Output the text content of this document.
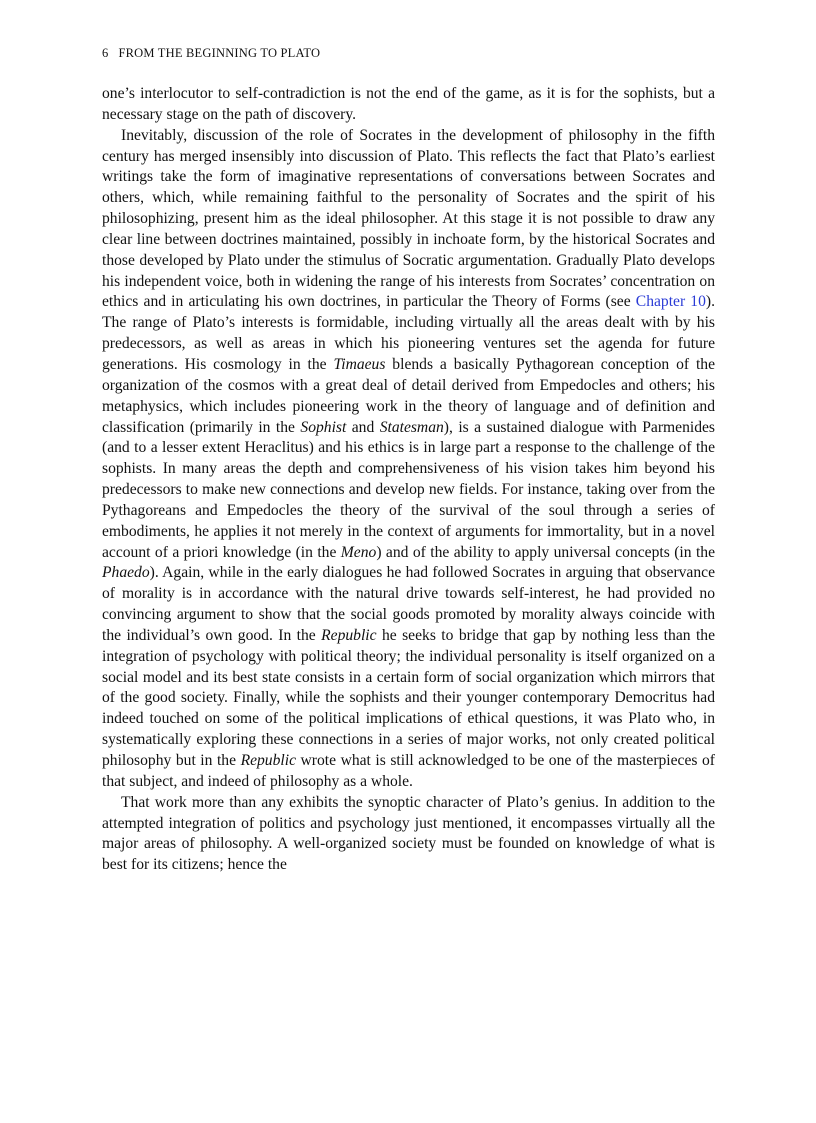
6 FROM THE BEGINNING TO PLATO

one’s interlocutor to self-contradiction is not the end of the game, as it is for the sophists, but a necessary stage on the path of discovery.

Inevitably, discussion of the role of Socrates in the development of philosophy in the fifth century has merged insensibly into discussion of Plato. This reflects the fact that Plato’s earliest writings take the form of imaginative representations of conversations between Socrates and others, which, while remaining faithful to the personality of Socrates and the spirit of his philosophizing, present him as the ideal philosopher. At this stage it is not possible to draw any clear line between doctrines maintained, possibly in inchoate form, by the historical Socrates and those developed by Plato under the stimulus of Socratic argumentation. Gradually Plato develops his independent voice, both in widening the range of his interests from Socrates’ concentration on ethics and in articulating his own doctrines, in particular the Theory of Forms (see Chapter 10). The range of Plato’s interests is formidable, including virtually all the areas dealt with by his predecessors, as well as areas in which his pioneering ventures set the agenda for future generations. His cosmology in the Timaeus blends a basically Pythagorean conception of the organization of the cosmos with a great deal of detail derived from Empedocles and others; his metaphysics, which includes pioneering work in the theory of language and of definition and classification (primarily in the Sophist and Statesman), is a sustained dialogue with Parmenides (and to a lesser extent Heraclitus) and his ethics is in large part a response to the challenge of the sophists. In many areas the depth and comprehensiveness of his vision takes him beyond his predecessors to make new connections and develop new fields. For instance, taking over from the Pythagoreans and Empedocles the theory of the survival of the soul through a series of embodiments, he applies it not merely in the context of arguments for immortality, but in a novel account of a priori knowledge (in the Meno) and of the ability to apply universal concepts (in the Phaedo). Again, while in the early dialogues he had followed Socrates in arguing that observance of morality is in accordance with the natural drive towards self-interest, he had provided no convincing argument to show that the social goods promoted by morality always coincide with the individual’s own good. In the Republic he seeks to bridge that gap by nothing less than the integration of psychology with political theory; the individual personality is itself organized on a social model and its best state consists in a certain form of social organization which mirrors that of the good society. Finally, while the sophists and their younger contemporary Democritus had indeed touched on some of the political implications of ethical questions, it was Plato who, in systematically exploring these connections in a series of major works, not only created political philosophy but in the Republic wrote what is still acknowledged to be one of the masterpieces of that subject, and indeed of philosophy as a whole.

That work more than any exhibits the synoptic character of Plato’s genius. In addition to the attempted integration of politics and psychology just mentioned, it encompasses virtually all the major areas of philosophy. A well-organized society must be founded on knowledge of what is best for its citizens; hence the
